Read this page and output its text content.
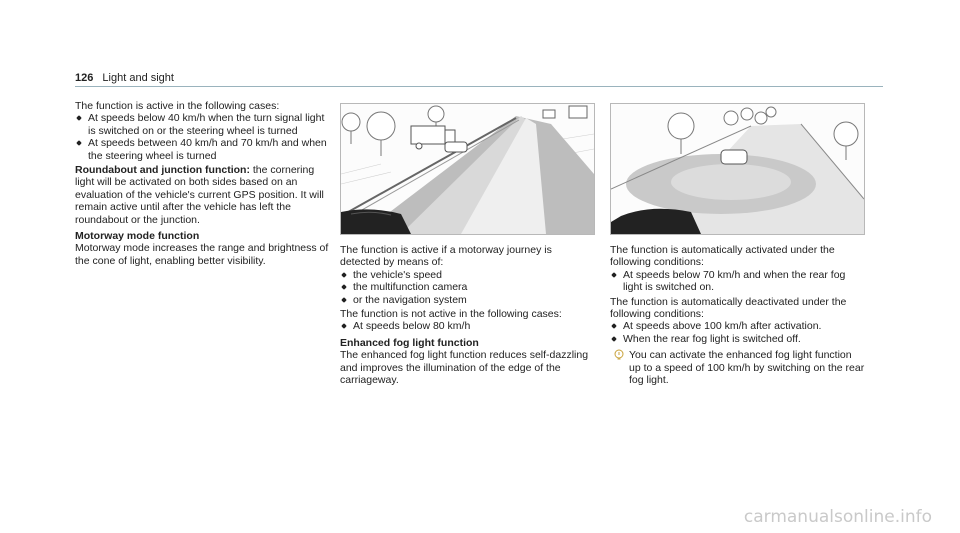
126 Light and sight

The function is active in the following cases:

At speeds below 40 km/h when the turn signal light is switched on or the steering wheel is turned
At speeds between 40 km/h and 70 km/h and when the steering wheel is turned

Roundabout and junction function: the cornering light will be activated on both sides based on an evaluation of the vehicle's current GPS position. It will remain active until after the vehicle has left the roundabout or the junction.

Motorway mode function

Motorway mode increases the range and brightness of the cone of light, enabling better visibility.

The function is active if a motorway journey is detected by means of:

the vehicle's speed
the multifunction camera
or the navigation system

The function is not active in the following cases:

At speeds below 80 km/h

Enhanced fog light function

The enhanced fog light function reduces self-dazzling and improves the illumination of the edge of the carriageway.

The function is automatically activated under the following conditions:

At speeds below 70 km/h and when the rear fog light is switched on.

The function is automatically deactivated under the following conditions:

At speeds above 100 km/h after activation.
When the rear fog light is switched off.
You can activate the enhanced fog light function up to a speed of 100 km/h by switching on the rear fog light.
carmanualsonline.info
